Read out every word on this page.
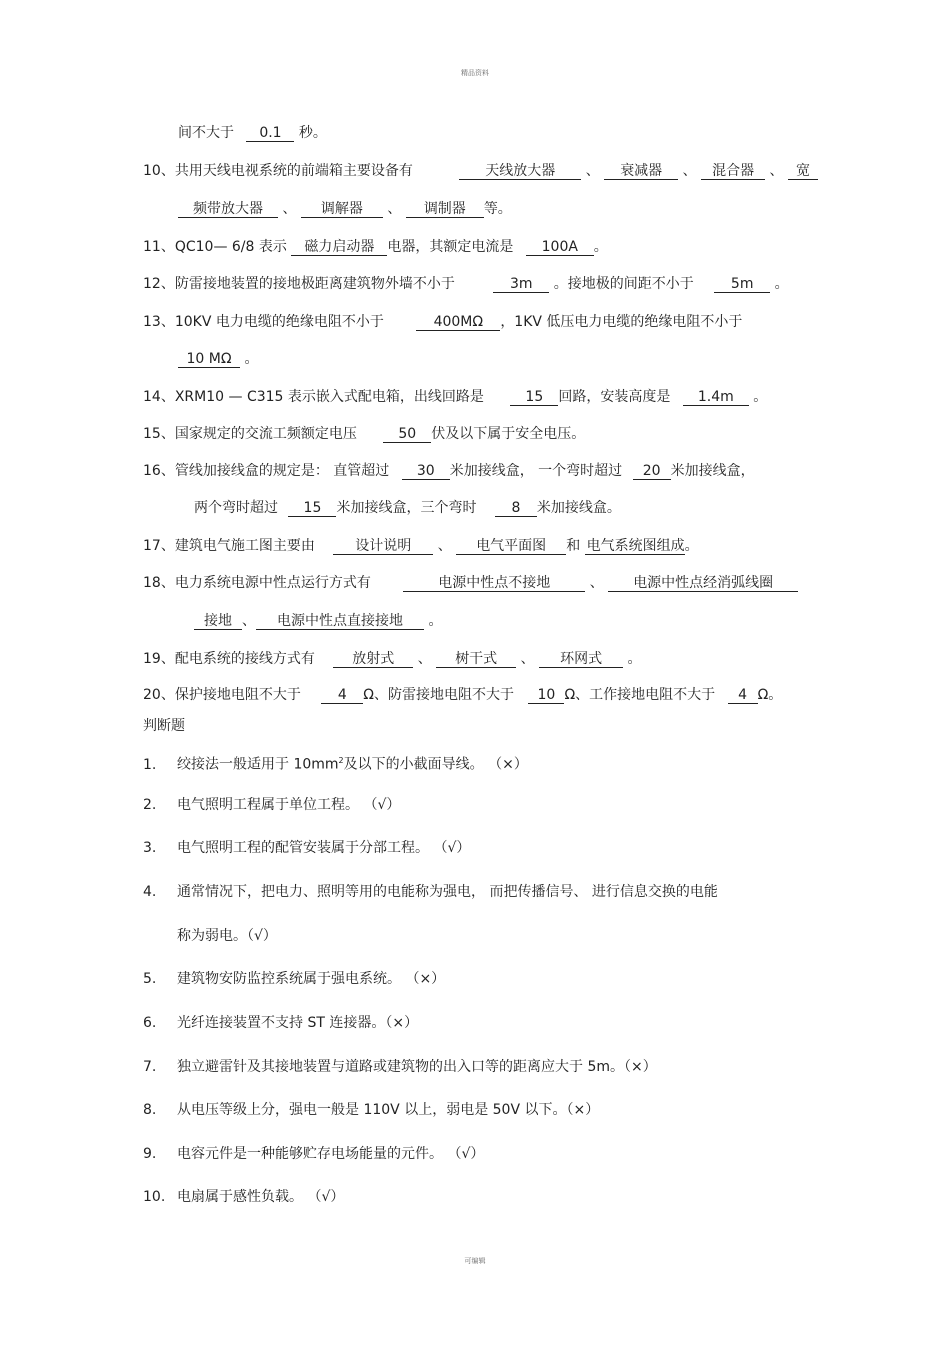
精品资料
间不大于 0.1 秒。
10、共用天线电视系统的前端箱主要设备有	天线放大器 、 衰减器 、 混合器 、 宽
频带放大器 、 调解器 、 调制器 等。
11、QC10— 6/8 表示 磁力启动器 电器，其额定电流是 100A 。
12、防雷接地装置的接地极距离建筑物外墙不小于	3m 。接地极的间距不小于	5m 。
13、10KV 电力电缆的绝缘电阻不小于	400MΩ ，1KV 低压电力电缆的绝缘电阻不小于
10 MΩ 。
14、XRM10 — C315 表示嵌入式配电箱，出线回路是	15 回路，安装高度是 1.4m 。
15、国家规定的交流工频额定电压	50 伏及以下属于安全电压。
16、管线加接线盒的规定是： 直管超过 30 米加接线盒， 一个弯时超过 20 米加接线盒，
两个弯时超过 15 米加接线盒，三个弯时 8 米加接线盒。
17、建筑电气施工图主要由	设计说明 、 电气平面图 和 电气系统图组成。
18、电力系统电源中性点运行方式有	电源中性点不接地	、 电源中性点经消弧线圈
接地 、 电源中性点直接接地 。
19、配电系统的接线方式有	放射式 、 树干式 、 环网式 。
20、保护接地电阻不大于	4 Ω、防雷接地电阻不大于 10 Ω、工作接地电阻不大于 4 Ω。
判断题
1. 绞接法一般适用于 $10mm^2$及以下的小截面导线。 （×）
2. 电气照明工程属于单位工程。 （√）
3. 电气照明工程的配管安装属于分部工程。 （√）
4. 通常情况下，把电力、照明等用的电能称为强电， 而把传播信号、 进行信息交换的电能
称为弱电。（√）
5. 建筑物安防监控系统属于强电系统。 （×）
6. 光纤连接装置不支持 ST 连接器。（×）
7. 独立避雷针及其接地装置与道路或建筑物的出入口等的距离应大于 5m。（×）
8. 从电压等级上分，强电一般是 110V 以上，弱电是 50V 以下。（×）
9. 电容元件是一种能够贮存电场能量的元件。 （√）
10. 电扇属于感性负载。 （√）
可编辑
